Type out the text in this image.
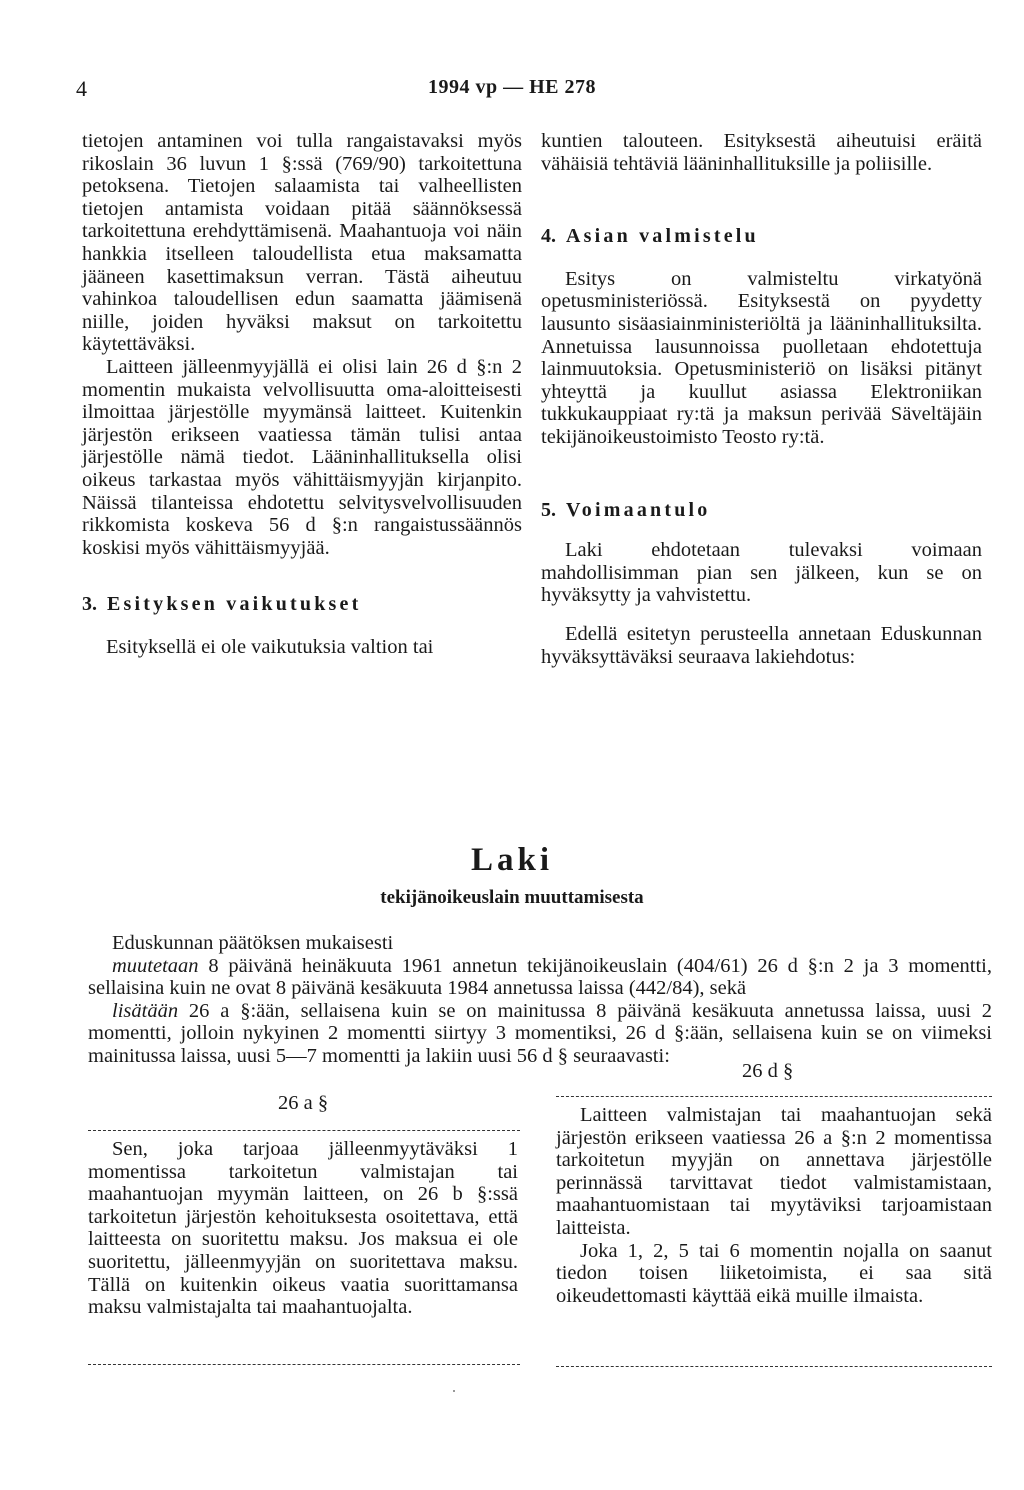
4	1994 vp — HE 278

tietojen antaminen voi tulla rangaistavaksi myös rikoslain 36 luvun 1 §:ssä (769/90) tarkoitettuna petoksena. Tietojen salaamista tai valheellisten tietojen antamista voidaan pitää säännöksessä tarkoitettuna erehdyttämisenä. Maahantuoja voi näin hankkia itselleen taloudellista etua maksamatta jääneen kasettimaksun verran. Tästä aiheutuu vahinkoa taloudellisen edun saamatta jäämisenä niille, joiden hyväksi maksut on tarkoitettu käytettäväksi.

Laitteen jälleenmyyjällä ei olisi lain 26 d §:n 2 momentin mukaista velvollisuutta oma-aloitteisesti ilmoittaa järjestölle myymänsä laitteet. Kuitenkin järjestön erikseen vaatiessa tämän tulisi antaa järjestölle nämä tiedot. Lääninhallituksella olisi oikeus tarkastaa myös vähittäismyyjän kirjanpito. Näissä tilanteissa ehdotettu selvitysvelvollisuuden rikkomista koskeva 56 d §:n rangaistussäännös koskisi myös vähittäismyyjää.

3. Esityksen vaikutukset

Esityksellä ei ole vaikutuksia valtion tai

kuntien talouteen. Esityksestä aiheutuisi eräitä vähäisiä tehtäviä lääninhallituksille ja poliisille.

4. Asian valmistelu

Esitys on valmisteltu virkatyönä opetusministeriössä. Esityksestä on pyydetty lausunto sisäasiainministeriöltä ja lääninhallituksilta. Annetuissa lausunnoissa puolletaan ehdotettuja lainmuutoksia. Opetusministeriö on lisäksi pitänyt yhteyttä ja kuullut asiassa Elektroniikan tukkukauppiaat ry:tä ja maksun perivää Säveltäjäin tekijänoikeustoimisto Teosto ry:tä.

5. Voimaantulo

Laki ehdotetaan tulevaksi voimaan mahdollisimman pian sen jälkeen, kun se on hyväksytty ja vahvistettu.

Edellä esitetyn perusteella annetaan Eduskunnan hyväksyttäväksi seuraava lakiehdotus:

Laki
tekijänoikeuslain muuttamisesta

Eduskunnan päätöksen mukaisesti

muutetaan 8 päivänä heinäkuuta 1961 annetun tekijänoikeuslain (404/61) 26 d §:n 2 ja 3 momentti, sellaisina kuin ne ovat 8 päivänä kesäkuuta 1984 annetussa laissa (442/84), sekä

lisätään 26 a §:ään, sellaisena kuin se on mainitussa 8 päivänä kesäkuuta annetussa laissa, uusi 2 momentti, jolloin nykyinen 2 momentti siirtyy 3 momentiksi, 26 d §:ään, sellaisena kuin se on viimeksi mainitussa laissa, uusi 5—7 momentti ja lakiin uusi 56 d § seuraavasti:

26 a §
26 d §

Sen, joka tarjoaa jälleenmyytäväksi 1 momentissa tarkoitetun valmistajan tai maahantuojan myymän laitteen, on 26 b §:ssä tarkoitetun järjestön kehoituksesta osoitettava, että laitteesta on suoritettu maksu. Jos maksua ei ole suoritettu, jälleenmyyjän on suoritettava maksu. Tällä on kuitenkin oikeus vaatia suorittamansa maksu valmistajalta tai maahantuojalta.

Laitteen valmistajan tai maahantuojan sekä järjestön erikseen vaatiessa 26 a §:n 2 momentissa tarkoitetun myyjän on annettava järjestölle perinnässä tarvittavat tiedot valmistamistaan, maahantuomistaan tai myytäviksi tarjoamistaan laitteista.

Joka 1, 2, 5 tai 6 momentin nojalla on saanut tiedon toisen liiketoimista, ei saa sitä oikeudettomasti käyttää eikä muille ilmaista.
